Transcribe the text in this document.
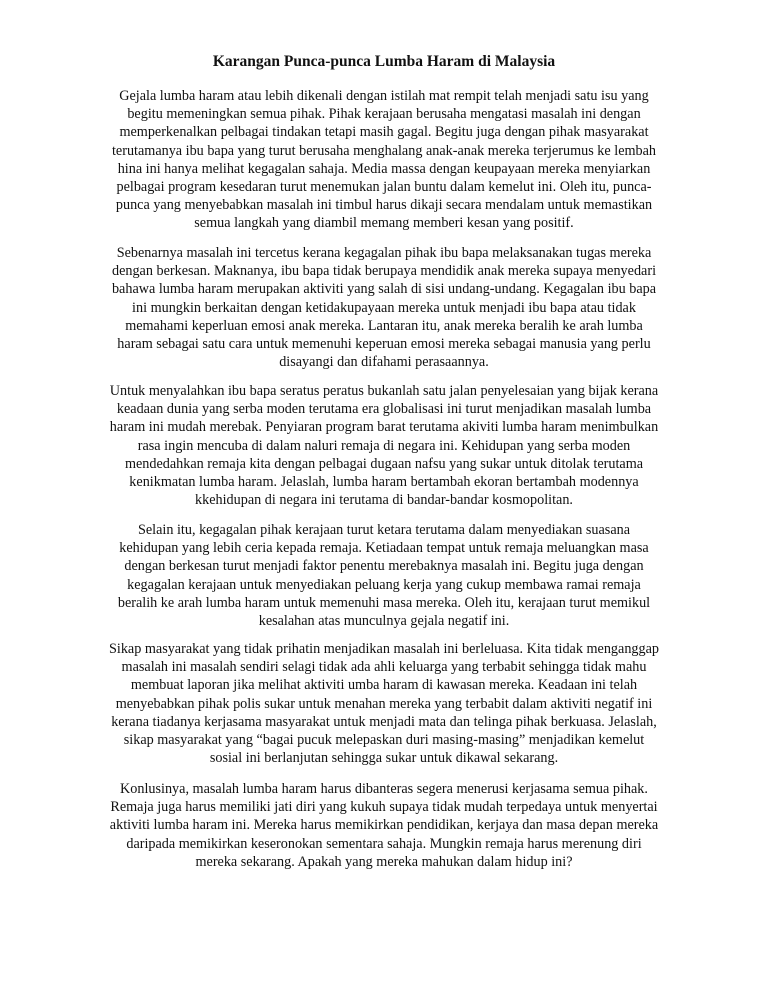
Karangan Punca-punca Lumba Haram di Malaysia
Gejala lumba haram atau lebih dikenali dengan istilah mat rempit telah menjadi satu isu yang
begitu memeningkan semua pihak. Pihak kerajaan berusaha mengatasi masalah ini dengan
memperkenalkan pelbagai tindakan tetapi masih gagal. Begitu juga dengan pihak masyarakat
terutamanya ibu bapa yang turut berusaha menghalang anak-anak mereka terjerumus ke lembah
hina ini hanya melihat kegagalan sahaja. Media massa dengan keupayaan mereka menyiarkan
pelbagai program kesedaran turut menemukan jalan buntu dalam kemelut ini. Oleh itu, punca-
punca yang menyebabkan masalah ini timbul harus dikaji secara mendalam untuk memastikan
semua langkah yang diambil memang memberi kesan yang positif.
Sebenarnya masalah ini tercetus kerana kegagalan pihak ibu bapa melaksanakan tugas mereka
dengan berkesan. Maknanya, ibu bapa tidak berupaya mendidik anak mereka supaya menyedari
bahawa lumba haram merupakan aktiviti yang salah di sisi undang-undang. Kegagalan ibu bapa
ini mungkin berkaitan dengan ketidakupayaan mereka untuk menjadi ibu bapa atau tidak
memahami keperluan emosi anak mereka. Lantaran itu, anak mereka beralih ke arah lumba
haram sebagai satu cara untuk memenuhi keperuan emosi mereka sebagai manusia yang perlu
disayangi dan difahami perasaannya.
Untuk menyalahkan ibu bapa seratus peratus bukanlah satu jalan penyelesaian yang bijak kerana
keadaan dunia yang serba moden terutama era globalisasi ini turut menjadikan masalah lumba
haram ini mudah merebak. Penyiaran program barat terutama akiviti lumba haram menimbulkan
rasa ingin mencuba di dalam naluri remaja di negara ini. Kehidupan yang serba moden
mendedahkan remaja kita dengan pelbagai dugaan nafsu yang sukar untuk ditolak terutama
kenikmatan lumba haram. Jelaslah, lumba haram bertambah ekoran bertambah modennya
kkehidupan di negara ini terutama di bandar-bandar kosmopolitan.
Selain itu, kegagalan pihak kerajaan turut ketara terutama dalam menyediakan suasana
kehidupan yang lebih ceria kepada remaja. Ketiadaan tempat untuk remaja meluangkan masa
dengan berkesan turut menjadi faktor penentu merebaknya masalah ini. Begitu juga dengan
kegagalan kerajaan untuk menyediakan peluang kerja yang cukup membawa ramai remaja
beralih ke arah lumba haram untuk memenuhi masa mereka. Oleh itu, kerajaan turut memikul
kesalahan atas munculnya gejala negatif ini.
Sikap masyarakat yang tidak prihatin menjadikan masalah ini berleluasa. Kita tidak menganggap
masalah ini masalah sendiri selagi tidak ada ahli keluarga yang terbabit sehingga tidak mahu
membuat laporan jika melihat aktiviti umba haram di kawasan mereka. Keadaan ini telah
menyebabkan pihak polis sukar untuk menahan mereka yang terbabit dalam aktiviti negatif ini
kerana tiadanya kerjasama masyarakat untuk menjadi mata dan telinga pihak berkuasa. Jelaslah,
sikap masyarakat yang “bagai pucuk melepaskan duri masing-masing” menjadikan kemelut
sosial ini berlanjutan sehingga sukar untuk dikawal sekarang.
Konlusinya, masalah lumba haram harus dibanteras segera menerusi kerjasama semua pihak.
Remaja juga harus memiliki jati diri yang kukuh supaya tidak mudah terpedaya untuk menyertai
aktiviti lumba haram ini. Mereka harus memikirkan pendidikan, kerjaya dan masa depan mereka
daripada memikirkan keseronokan sementara sahaja. Mungkin remaja harus merenung diri
mereka sekarang. Apakah yang mereka mahukan dalam hidup ini?
